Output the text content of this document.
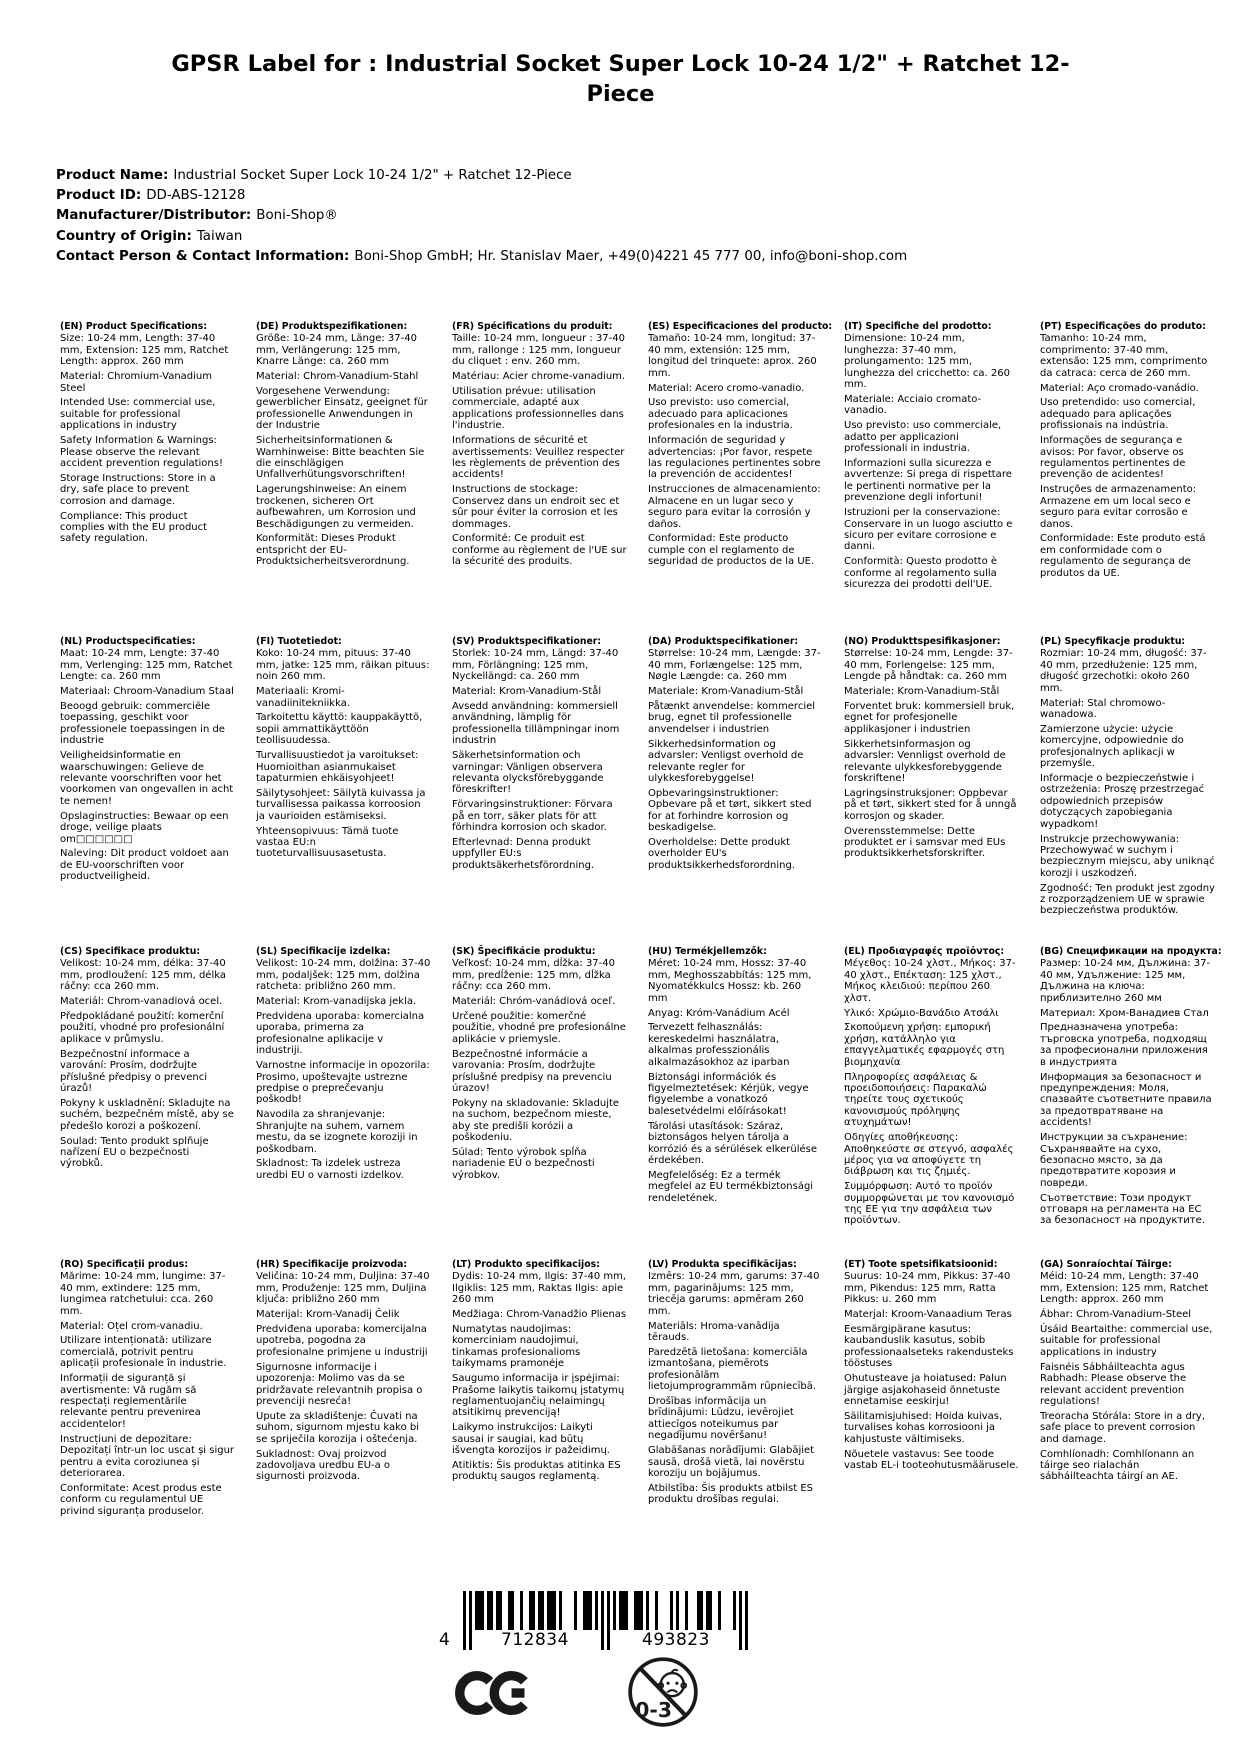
GPSR Label for : Industrial Socket Super Lock 10-24 1/2" + Ratchet 12-Piece
Product Name: Industrial Socket Super Lock 10-24 1/2" + Ratchet 12-Piece
Product ID: DD-ABS-12128
Manufacturer/Distributor: Boni-Shop®
Country of Origin: Taiwan
Contact Person & Contact Information: Boni-Shop GmbH; Hr. Stanislav Maer, +49(0)4221 45 777 00, info@boni-shop.com
(EN) Product Specifications:

Size: 10-24 mm, Length: 37-40 mm, Extension: 125 mm, Ratchet Length: approx. 260 mm

Material: Chromium-Vanadium Steel

Intended Use: commercial use, suitable for professional applications in industry

Safety Information & Warnings: Please observe the relevant accident prevention regulations!

Storage Instructions: Store in a dry, safe place to prevent corrosion and damage.

Compliance: This product complies with the EU product safety regulation.

(DE) Produktspezifikationen:

Größe: 10-24 mm, Länge: 37-40 mm, Verlängerung: 125 mm, Knarre Länge: ca. 260 mm

Material: Chrom-Vanadium-Stahl

Vorgesehene Verwendung: gewerblicher Einsatz, geeignet für professionelle Anwendungen in der Industrie

Sicherheitsinformationen & Warnhinweise: Bitte beachten Sie die einschlägigen Unfallverhütungsvorschriften!

Lagerungshinweise: An einem trockenen, sicheren Ort aufbewahren, um Korrosion und Beschädigungen zu vermeiden.

Konformität: Dieses Produkt entspricht der EU-Produktsicherheitsverordnung.

(FR) Spécifications du produit:

Taille: 10-24 mm, longueur : 37-40 mm, rallonge : 125 mm, longueur du cliquet : env. 260 mm.

Matériau: Acier chrome-vanadium.

Utilisation prévue: utilisation commerciale, adapté aux applications professionnelles dans l'industrie.

Informations de sécurité et avertissements: Veuillez respecter les règlements de prévention des accidents!

Instructions de stockage: Conservez dans un endroit sec et sûr pour éviter la corrosion et les dommages.

Conformité: Ce produit est conforme au règlement de l'UE sur la sécurité des produits.

(ES) Especificaciones del producto:

Tamaño: 10-24 mm, longitud: 37-40 mm, extensión: 125 mm, longitud del trinquete: aprox. 260 mm.

Material: Acero cromo-vanadio.

Uso previsto: uso comercial, adecuado para aplicaciones profesionales en la industria.

Información de seguridad y advertencias: ¡Por favor, respete las regulaciones pertinentes sobre la prevención de accidentes!

Instrucciones de almacenamiento: Almacene en un lugar seco y seguro para evitar la corrosión y daños.

Conformidad: Este producto cumple con el reglamento de seguridad de productos de la UE.

(IT) Specifiche del prodotto:

Dimensione: 10-24 mm, lunghezza: 37-40 mm, prolungamento: 125 mm, lunghezza del cricchetto: ca. 260 mm.

Materiale: Acciaio cromato-vanadio.

Uso previsto: uso commerciale, adatto per applicazioni professionali in industria.

Informazioni sulla sicurezza e avvertenze: Si prega di rispettare le pertinenti normative per la prevenzione degli infortuni!

Istruzioni per la conservazione: Conservare in un luogo asciutto e sicuro per evitare corrosione e danni.

Conformità: Questo prodotto è conforme al regolamento sulla sicurezza dei prodotti dell'UE.

(PT) Especificações do produto:

Tamanho: 10-24 mm, comprimento: 37-40 mm, extensão: 125 mm, comprimento da catraca: cerca de 260 mm.

Material: Aço cromado-vanádio.

Uso pretendido: uso comercial, adequado para aplicações profissionais na indústria.

Informações de segurança e avisos: Por favor, observe os regulamentos pertinentes de prevenção de acidentes!

Instruções de armazenamento: Armazene em um local seco e seguro para evitar corrosão e danos.

Conformidade: Este produto está em conformidade com o regulamento de segurança de produtos da UE.

(NL) Productspecificaties:

Maat: 10-24 mm, Lengte: 37-40 mm, Verlenging: 125 mm, Ratchet Lengte: ca. 260 mm

Materiaal: Chroom-Vanadium Staal

Beoogd gebruik: commerciële toepassing, geschikt voor professionele toepassingen in de industrie

Veiligheidsinformatie en waarschuwingen: Gelieve de relevante voorschriften voor het voorkomen van ongevallen in acht te nemen!

Opslaginstructies: Bewaar op een droge, veilige plaats om□□□□□□

Naleving: Dit product voldoet aan de EU-voorschriften voor productveiligheid.

(FI) Tuotetiedot:

Koko: 10-24 mm, pituus: 37-40 mm, jatke: 125 mm, räikan pituus: noin 260 mm.

Materiaali: Kromi-vanadiinitekniikka.

Tarkoitettu käyttö: kauppakäyttö, sopii ammattikäyttöön teollisuudessa.

Turvallisuustiedot ja varoitukset: Huomioithan asianmukaiset tapaturmien ehkäisyohjeet!

Säilytysohjeet: Säilytä kuivassa ja turvallisessa paikassa korroosion ja vaurioiden estämiseksi.

Yhteensopivuus: Tämä tuote vastaa EU:n tuoteturvallisuusasetusta.

(SV) Produktspecifikationer:

Storlek: 10-24 mm, Längd: 37-40 mm, Förlängning: 125 mm, Nyckellängd: ca. 260 mm

Material: Krom-Vanadium-Stål

Avsedd användning: kommersiell användning, lämplig för professionella tillämpningar inom industrin

Säkerhetsinformation och varningar: Vänligen observera relevanta olycksförebyggande föreskrifter!

Förvaringsinstruktioner: Förvara på en torr, säker plats för att förhindra korrosion och skador.

Efterlevnad: Denna produkt uppfyller EU:s produktsäkerhetsförordning.

(DA) Produktspecifikationer:

Størrelse: 10-24 mm, Længde: 37-40 mm, Forlængelse: 125 mm, Nøgle Længde: ca. 260 mm

Materiale: Krom-Vanadium-Stål

Påtænkt anvendelse: kommerciel brug, egnet til professionelle anvendelser i industrien

Sikkerhedsinformation og advarsler: Venligst overhold de relevante regler for ulykkesforebyggelse!

Opbevaringsinstruktioner: Opbevare på et tørt, sikkert sted for at forhindre korrosion og beskadigelse.

Overholdelse: Dette produkt overholder EU's produktsikkerhedsforordning.

(NO) Produkttspesifikasjoner:

Størrelse: 10-24 mm, Lengde: 37-40 mm, Forlengelse: 125 mm, Lengde på håndtak: ca. 260 mm

Materiale: Krom-Vanadium-Stål

Forventet bruk: kommersiell bruk, egnet for profesjonelle applikasjoner i industrien

Sikkerhetsinformasjon og advarsler: Vennligst overhold de relevante ulykkesforebyggende forskriftene!

Lagringsinstruksjoner: Oppbevar på et tørt, sikkert sted for å unngå korrosjon og skader.

Overensstemmelse: Dette produktet er i samsvar med EUs produktsikkerhetsforskrifter.

(PL) Specyfikacje produktu:

Rozmiar: 10-24 mm, długość: 37-40 mm, przedłużenie: 125 mm, długość grzechotki: około 260 mm.

Materiał: Stal chromowo-wanadowa.

Zamierzone użycie: użycie komercyjne, odpowiednie do profesjonalnych aplikacji w przemyśle.

Informacje o bezpieczeństwie i ostrzeżenia: Proszę przestrzegać odpowiednich przepisów dotyczących zapobiegania wypadkom!

Instrukcje przechowywania: Przechowywać w suchym i bezpiecznym miejscu, aby uniknąć korozji i uszkodzeń.

Zgodność: Ten produkt jest zgodny z rozporządzeniem UE w sprawie bezpieczeństwa produktów.

(CS) Specifikace produktu:

Velikost: 10-24 mm, délka: 37-40 mm, prodloužení: 125 mm, délka ráčny: cca 260 mm.

Materiál: Chrom-vanadiová ocel.

Předpokládané použití: komerční použití, vhodné pro profesionální aplikace v průmyslu.

Bezpečnostní informace a varování: Prosím, dodržujte příslušné předpisy o prevenci úrazů!

Pokyny k uskladnění: Skladujte na suchém, bezpečném místě, aby se předešlo korozi a poškození.

Soulad: Tento produkt splňuje nařízení EU o bezpečnosti výrobků.

(SL) Specifikacije izdelka:

Velikost: 10-24 mm, dolžina: 37-40 mm, podaljšek: 125 mm, dolžina ratcheta: približno 260 mm.

Material: Krom-vanadijska jekla.

Predvidena uporaba: komercialna uporaba, primerna za profesionalne aplikacije v industriji.

Varnostne informacije in opozorila: Prosimo, upoštevajte ustrezne predpise o preprečevanju poškodb!

Navodila za shranjevanje: Shranjujte na suhem, varnem mestu, da se izognete koroziji in poškodbam.

Skladnost: Ta izdelek ustreza uredbi EU o varnosti izdelkov.

(SK) Špecifikácie produktu:

Veľkosť: 10-24 mm, dĺžka: 37-40 mm, predĺženie: 125 mm, dĺžka ráčny: cca 260 mm.

Materiál: Chróm-vanádiová oceľ.

Určené použitie: komerčné použitie, vhodné pre profesionálne aplikácie v priemysle.

Bezpečnostné informácie a varovania: Prosím, dodržujte príslušné predpisy na prevenciu úrazov!

Pokyny na skladovanie: Skladujte na suchom, bezpečnom mieste, aby ste predišli korózii a poškodeniu.

Súlad: Tento výrobok spĺňa nariadenie EÚ o bezpečnosti výrobkov.

(HU) Termékjellemzők:

Méret: 10-24 mm, Hossz: 37-40 mm, Meghosszabbítás: 125 mm, Nyomatékkulcs Hossz: kb. 260 mm

Anyag: Króm-Vanádium Acél

Tervezett felhasználás: kereskedelmi használatra, alkalmas professzionális alkalmazásokhoz az iparban

Biztonsági információk és figyelmeztetések: Kérjük, vegye figyelembe a vonatkozó balesetvédelmi előírásokat!

Tárolási utasítások: Száraz, biztonságos helyen tárolja a korrózió és a sérülések elkerülése érdekében.

Megfelelőség: Ez a termék megfelel az EU termékbiztonsági rendeletének.

(EL) Προδιαγραφές προϊόντος:

Μέγεθος: 10-24 χλστ., Μήκος: 37-40 χλστ., Επέκταση: 125 χλστ., Μήκος κλειδιού: περίπου 260 χλστ.

Υλικό: Χρώμιο-Βανάδιο Ατσάλι

Σκοπούμενη χρήση: εμπορική χρήση, κατάλληλο για επαγγελματικές εφαρμογές στη βιομηχανία

Πληροφορίες ασφάλειας & προειδοποιήσεις: Παρακαλώ τηρείτε τους σχετικούς κανονισμούς πρόληψης ατυχημάτων!

Οδηγίες αποθήκευσης: Αποθηκεύστε σε στεγνό, ασφαλές μέρος για να αποφύγετε τη διάβρωση και τις ζημιές.

Συμμόρφωση: Αυτό το προϊόν συμμορφώνεται με τον κανονισμό της ΕΕ για την ασφάλεια των προϊόντων.

(BG) Спецификации на продукта:

Размер: 10-24 мм, Дължина: 37-40 мм, Удължение: 125 мм, Дължина на ключа: приблизително 260 мм

Материал: Хром-Ванадиев Стал

Предназначена употреба: търговска употреба, подходящ за професионални приложения в индустрията

Информация за безопасност и предупреждения: Моля, спазвайте съответните правила за предотвратяване на accidents!

Инструкции за съхранение: Съхранявайте на сухо, безопасно място, за да предотвратите корозия и повреди.

Съответствие: Този продукт отговаря на регламента на ЕС за безопасност на продуктите.

(RO) Specificații produs:

Mărime: 10-24 mm, lungime: 37-40 mm, extindere: 125 mm, lungimea ratchetului: cca. 260 mm.

Material: Oțel crom-vanadiu.

Utilizare intenționată: utilizare comercială, potrivit pentru aplicații profesionale în industrie.

Informații de siguranță și avertismente: Vă rugăm să respectați reglementările relevante pentru prevenirea accidentelor!

Instrucțiuni de depozitare: Depozitați într-un loc uscat și sigur pentru a evita coroziunea și deteriorarea.

Conformitate: Acest produs este conform cu regulamentul UE privind siguranța produselor.

(HR) Specifikacije proizvoda:

Veličina: 10-24 mm, Duljina: 37-40 mm, Produženje: 125 mm, Duljina ključa: približno 260 mm

Materijal: Krom-Vanadij Čelik

Predviđena uporaba: komercijalna upotreba, pogodna za profesionalne primjene u industriji

Sigurnosne informacije i upozorenja: Molimo vas da se pridržavate relevantnih propisa o prevenciji nesreća!

Upute za skladištenje: Čuvati na suhom, sigurnom mjestu kako bi se spriječila korozija i oštećenja.

Sukladnost: Ovaj proizvod zadovoljava uredbu EU-a o sigurnosti proizvoda.

(LT) Produkto specifikacijos:

Dydis: 10-24 mm, Ilgis: 37-40 mm, Ilgiklis: 125 mm, Raktas Ilgis: apie 260 mm

Medžiaga: Chrom-Vanadžio Plienas

Numatytas naudojimas: komerciniam naudojimui, tinkamas profesionalioms taikymams pramonėje

Saugumo informacija ir įspėjimai: Prašome laikytis taikomų įstatymų reglamentuojančių nelaimingų atsitikimų prevenciją!

Laikymo instrukcijos: Laikyti sausai ir saugiai, kad būtų išvengta korozijos ir pažeidimų.

Atitiktis: Šis produktas atitinka ES produktų saugos reglamentą.

(LV) Produkta specifikācijas:

Izmērs: 10-24 mm, garums: 37-40 mm, pagarinājums: 125 mm, triecēja garums: apmēram 260 mm.

Materiāls: Hroma-vanādija tērauds.

Paredzētā lietošana: komerciāla izmantošana, piemērots profesionālām lietojumprogrammām rūpniecībā.

Drošības informācija un brīdinājumi: Lūdzu, ievērojiet attiecīgos noteikumus par negadījumu novēršanu!

Glabāšanas norādījumi: Glabājiet sausā, drošā vietā, lai novērstu koroziju un bojājumus.

Atbilstība: Šis produkts atbilst ES produktu drošības regulai.

(ET) Toote spetsifikatsioonid:

Suurus: 10-24 mm, Pikkus: 37-40 mm, Pikendus: 125 mm, Ratta Pikkus: u. 260 mm

Materjal: Kroom-Vanaadium Teras

Eesmärgipärane kasutus: kaubanduslik kasutus, sobib professionaalseteks rakendusteks tööstuses

Ohutusteave ja hoiatused: Palun järgige asjakohaseid õnnetuste ennetamise eeskirju!

Säilitamisjuhised: Hoida kuivas, turvalises kohas korrosiooni ja kahjustuste vältimiseks.

Nõuetele vastavus: See toode vastab EL-i tooteohutusmäärusele.

(GA) Sonraíochtaí Táirge:

Méid: 10-24 mm, Length: 37-40 mm, Extension: 125 mm, Ratchet Length: approx. 260 mm

Ábhar: Chrom-Vanadium-Steel

Úsáid Beartaithe: commercial use, suitable for professional applications in industry

Faisnéis Sábháilteachta agus Rabhadh: Please observe the relevant accident prevention regulations!

Treoracha Stórála: Store in a dry, safe place to prevent corrosion and damage.

Comhlíonadh: Comhlíonann an táirge seo rialachán sábháilteachta táirgí an AE.

4	712834	493823
0-3
